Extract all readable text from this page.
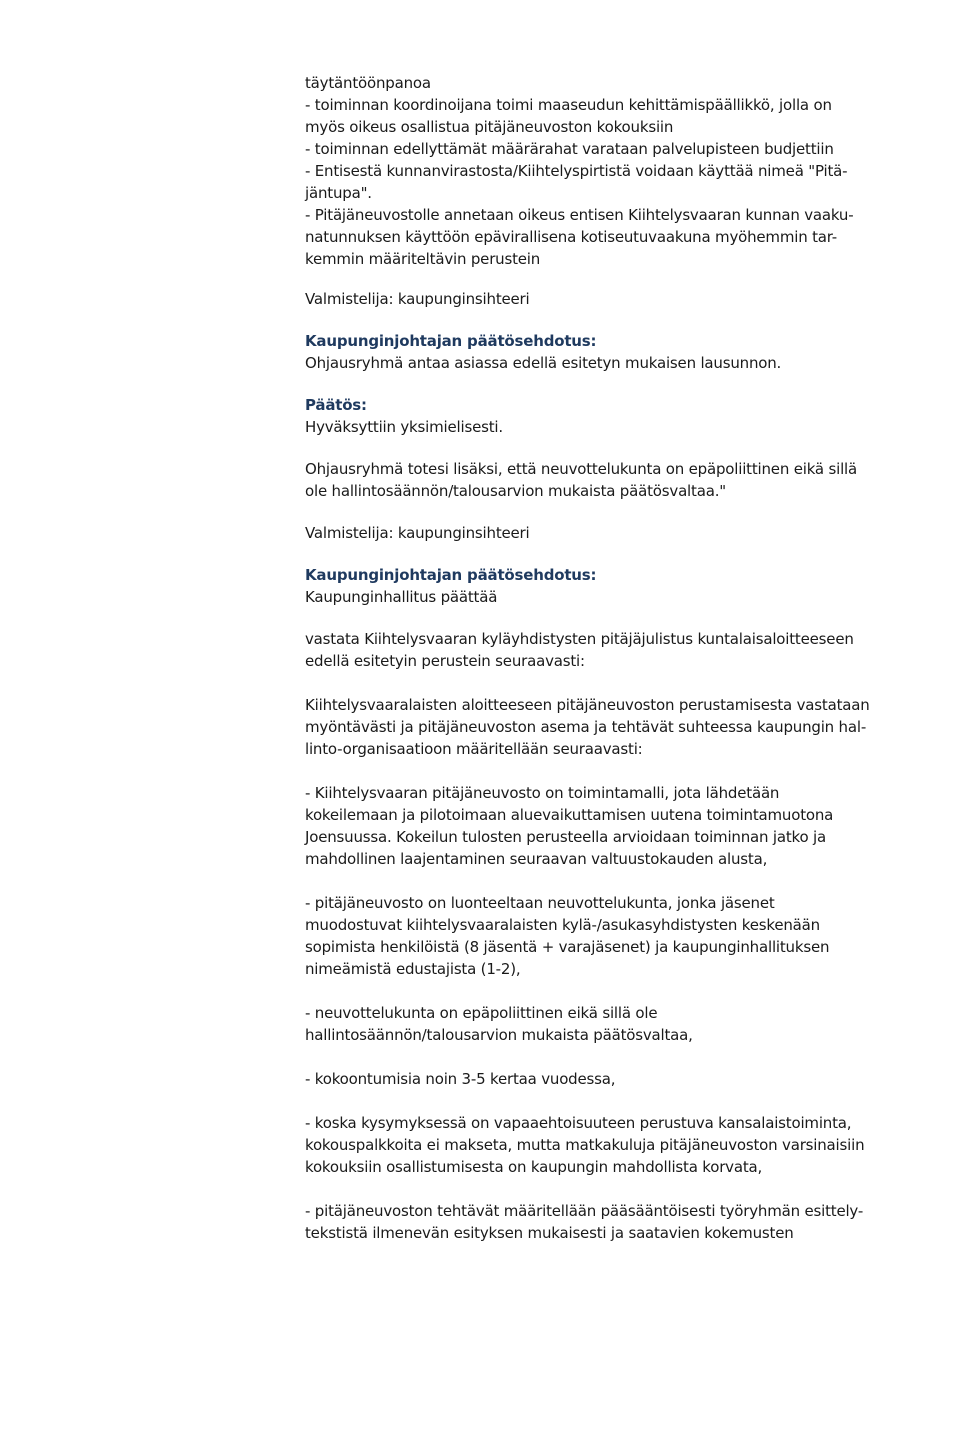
täytäntöönpanoa
- toiminnan koordinoijana toimi maaseudun kehittämispäällikkö, jolla on
myös oikeus osallistua pitäjäneuvoston kokouksiin
- toiminnan edellyttämät määrärahat varataan palvelupisteen budjettiin
- Entisestä kunnanvirastosta/Kiihtelyspirtistä voidaan käyttää nimeä "Pitä-
jäntupa".
- Pitäjäneuvostolle annetaan oikeus entisen Kiihtelysvaaran kunnan vaaku-
natunnuksen käyttöön epävirallisena kotiseutuvaakuna myöhemmin tar-
kemmin määriteltävin perustein
Valmistelija: kaupunginsihteeri
Kaupunginjohtajan päätösehdotus:
Ohjausryhmä antaa asiassa edellä esitetyn mukaisen lausunnon.
Päätös:
Hyväksyttiin yksimielisesti.
Ohjausryhmä totesi lisäksi, että neuvottelukunta on epäpoliittinen eikä sillä
ole hallintosäännön/talousarvion mukaista päätösvaltaa."
Valmistelija: kaupunginsihteeri
Kaupunginjohtajan päätösehdotus:
Kaupunginhallitus päättää
vastata Kiihtelysvaaran kyläyhdistysten pitäjäjulistus kuntalaisaloitteeseen
edellä esitetyin perustein seuraavasti:
Kiihtelysvaaralaisten aloitteeseen pitäjäneuvoston perustamisesta vastataan
myöntävästi ja pitäjäneuvoston asema ja tehtävät suhteessa kaupungin hal-
linto-organisaatioon määritellään seuraavasti:
- Kiihtelysvaaran pitäjäneuvosto on toimintamalli, jota lähdetään
kokeilemaan ja pilotoimaan aluevaikuttamisen uutena toimintamuotona
Joensuussa. Kokeilun tulosten perusteella arvioidaan toiminnan jatko ja
mahdollinen laajentaminen seuraavan valtuustokauden alusta,
- pitäjäneuvosto on luonteeltaan neuvottelukunta, jonka jäsenet
muodostuvat kiihtelysvaaralaisten kylä-/asukasyhdistysten keskenään
sopimista henkilöistä (8 jäsentä + varajäsenet) ja kaupunginhallituksen
nimeämistä edustajista (1-2),
- neuvottelukunta on epäpoliittinen eikä sillä ole
hallintosäännön/talousarvion mukaista päätösvaltaa,
- kokoontumisia noin 3-5 kertaa vuodessa,
- koska kysymyksessä on vapaaehtoisuuteen perustuva kansalaistoiminta,
kokouspalkkoita ei makseta, mutta matkakuluja pitäjäneuvoston varsinaisiin
kokouksiin osallistumisesta on kaupungin mahdollista korvata,
- pitäjäneuvoston tehtävät määritellään pääsääntöisesti työryhmän esittely-
tekstistä ilmenevän esityksen mukaisesti ja saatavien kokemusten
